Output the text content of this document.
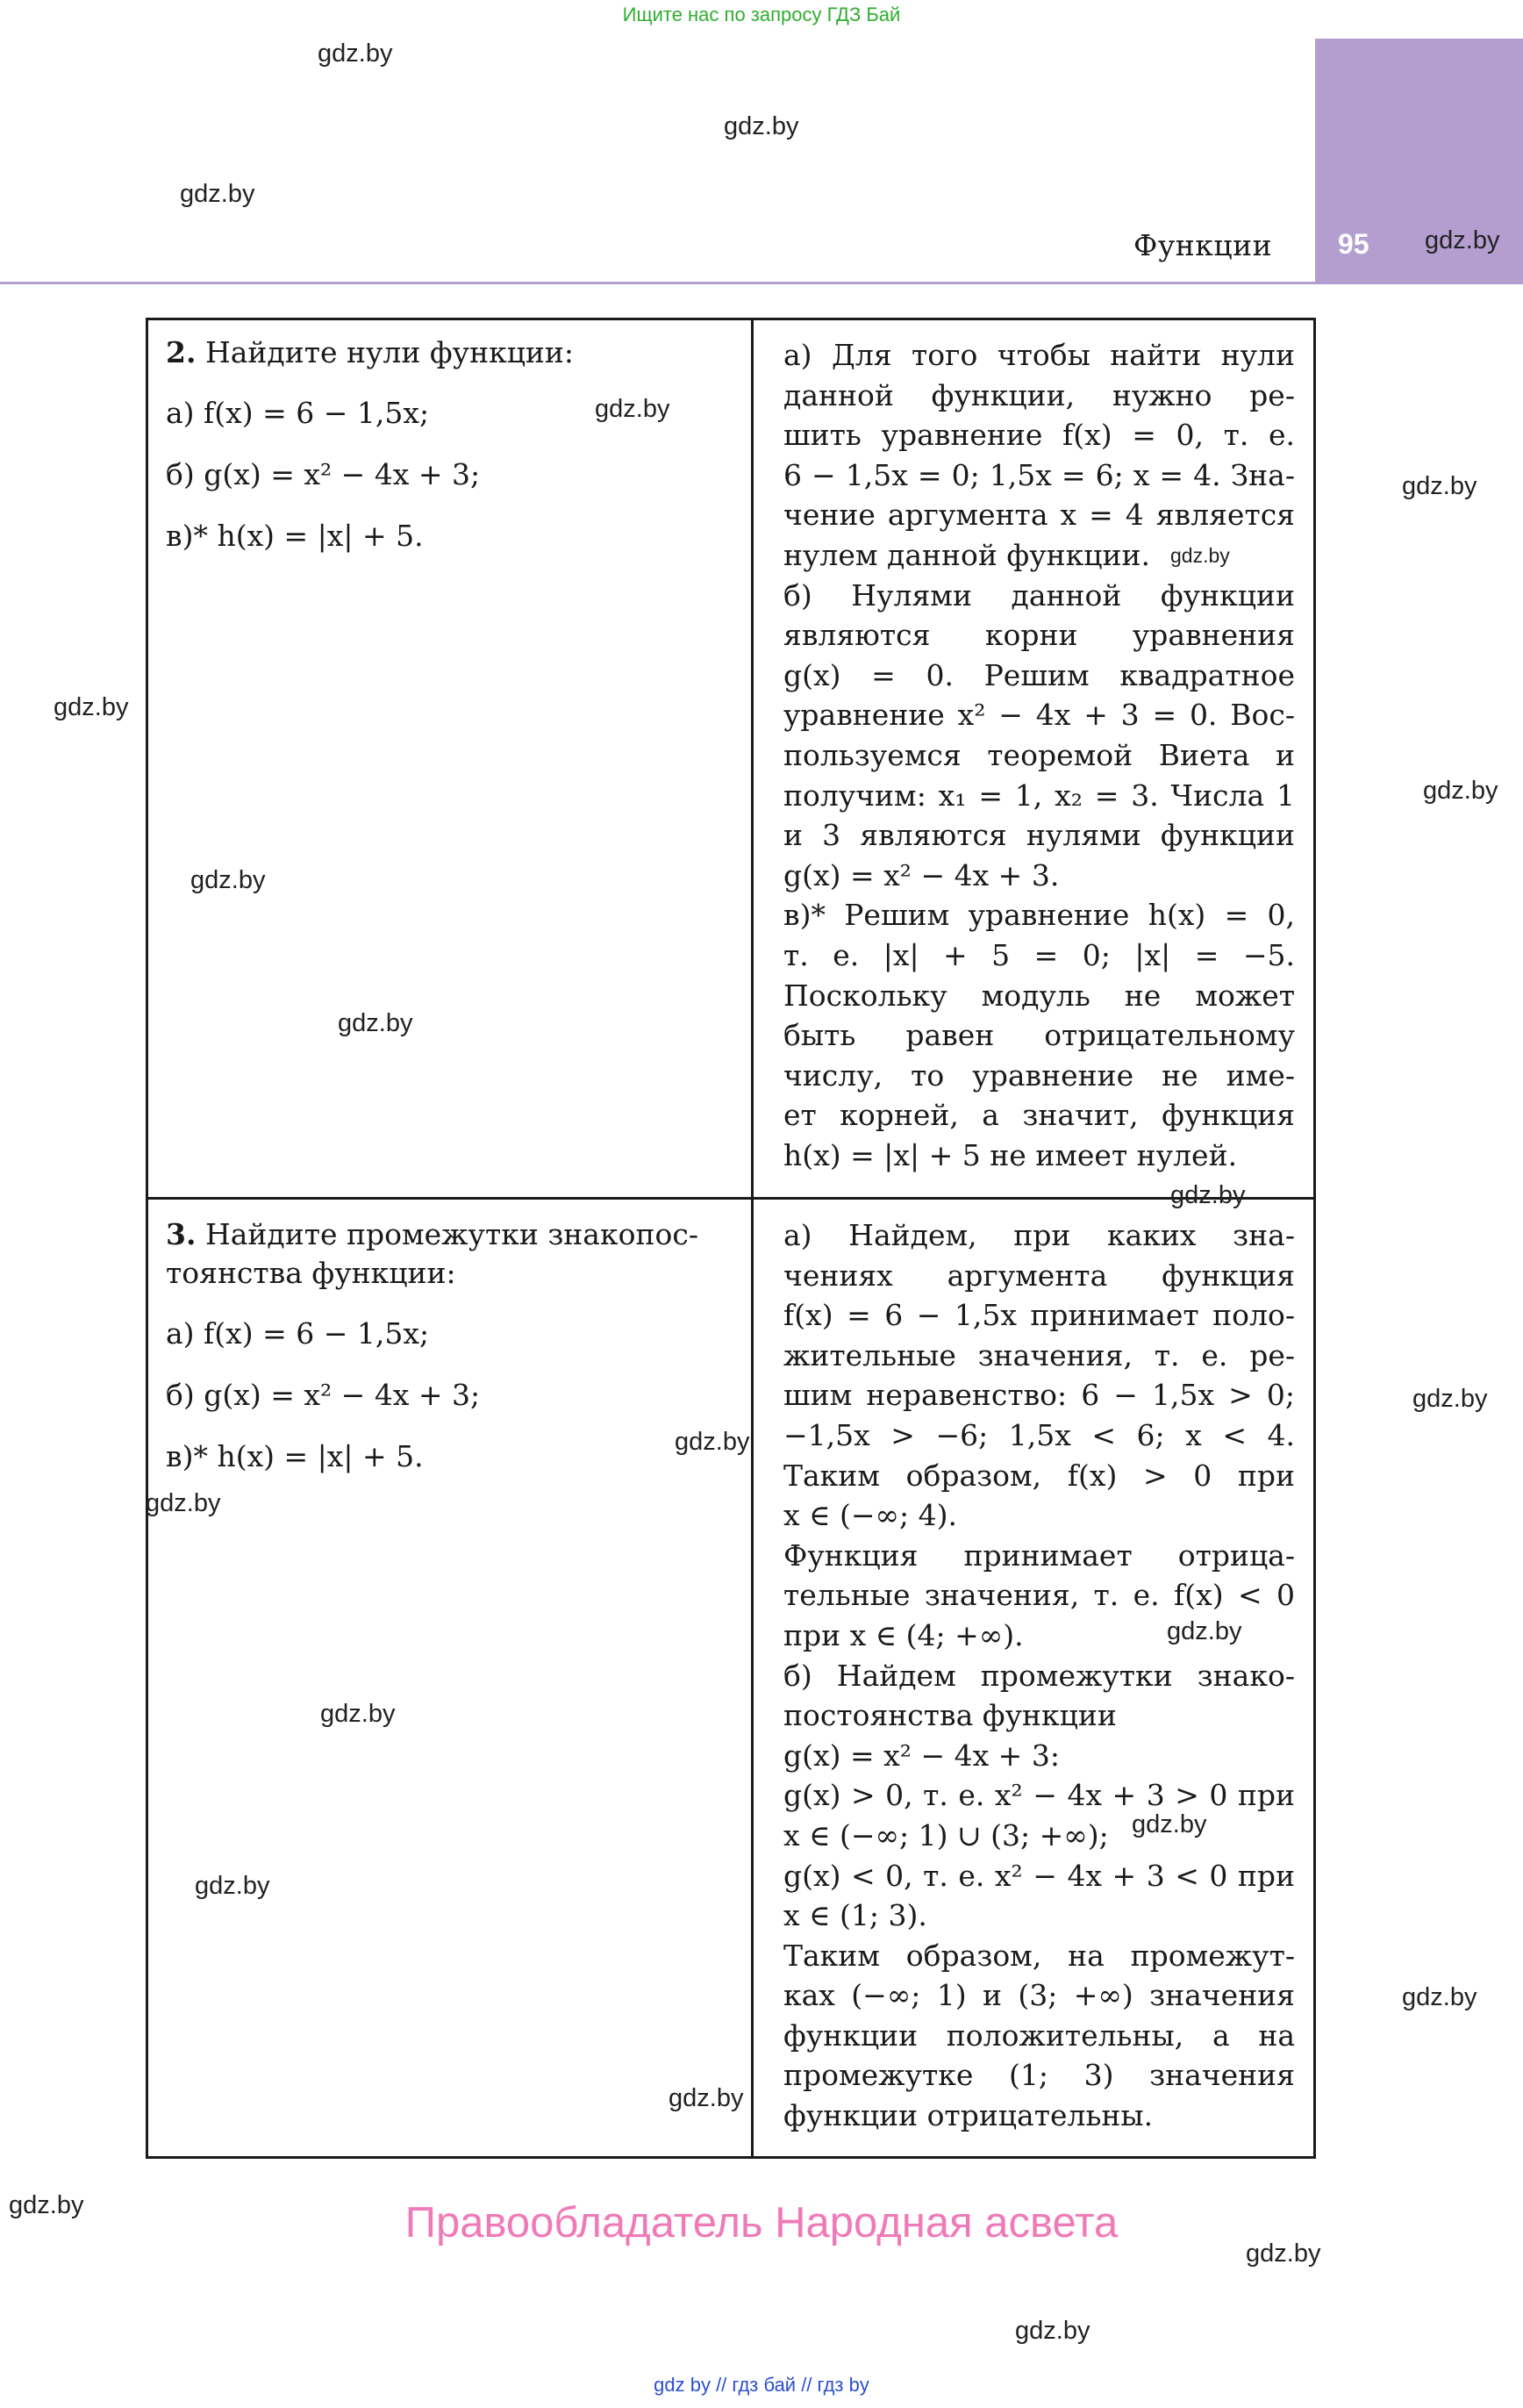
Ищите нас по запросу ГДЗ Бай
95
Функции
2. Найдите нули функции:
а) f(x) = 6 − 1,5x;
б) g(x) = x² − 4x + 3;
в)* h(x) = |x| + 5.
а) Для того чтобы найти нули
данной функции, нужно ре-
шить уравнение f(x) = 0, т. е.
6 − 1,5x = 0; 1,5x = 6; x = 4. Зна-
чение аргумента x = 4 является
нулем данной функции.
б) Нулями данной функции
являются корни уравнения
g(x) = 0. Решим квадратное
уравнение x² − 4x + 3 = 0. Вос-
пользуемся теоремой Виета и
получим: x₁ = 1, x₂ = 3. Числа 1
и 3 являются нулями функции
g(x) = x² − 4x + 3.
в)* Решим уравнение h(x) = 0,
т. е. |x| + 5 = 0; |x| = −5.
Поскольку модуль не может
быть равен отрицательному
числу, то уравнение не име-
ет корней, а значит, функция
h(x) = |x| + 5 не имеет нулей.
3. Найдите промежутки знакопос-
тоянства функции:
а) f(x) = 6 − 1,5x;
б) g(x) = x² − 4x + 3;
в)* h(x) = |x| + 5.
а) Найдем, при каких зна-
чениях аргумента функция
f(x) = 6 − 1,5x принимает поло-
жительные значения, т. е. ре-
шим неравенство: 6 − 1,5x > 0;
−1,5x > −6; 1,5x < 6; x < 4.
Таким образом, f(x) > 0 при
x ∈ (−∞; 4).
Функция принимает отрица-
тельные значения, т. е. f(x) < 0
при x ∈ (4; +∞).
б) Найдем промежутки знако-
постоянства функции
g(x) = x² − 4x + 3:
g(x) > 0, т. е. x² − 4x + 3 > 0 при
x ∈ (−∞; 1) ∪ (3; +∞);
g(x) < 0, т. е. x² − 4x + 3 < 0 при
x ∈ (1; 3).
Таким образом, на промежут-
ках (−∞; 1) и (3; +∞) значения
функции положительны, а на
промежутке (1; 3) значения
функции отрицательны.
gdz.by
gdz.by
gdz.by
gdz.by
gdz.by
gdz.by
gdz.by
gdz.by
gdz.by
gdz.by
gdz.by
gdz.by
gdz.by
gdz.by
gdz.by
gdz.by
gdz.by
gdz.by
gdz.by
gdz.by
gdz.by
gdz.by
gdz.by
gdz.by
Правообладатель Народная асвета
gdz by // гдз бай // гдз by
